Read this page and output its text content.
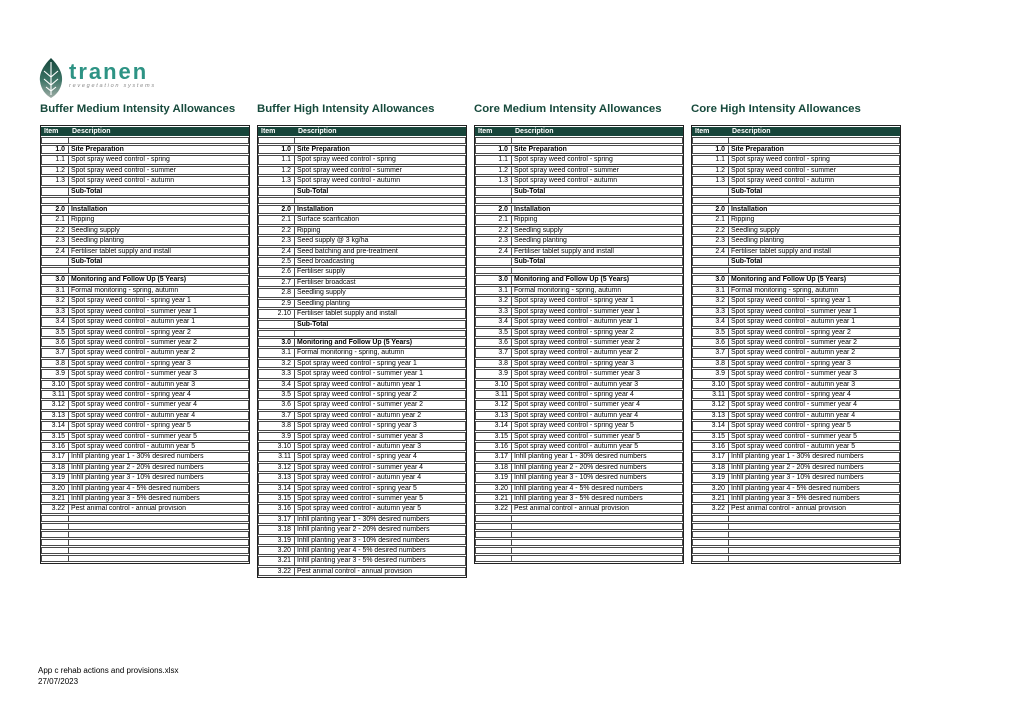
tranen
revegetation systems
Buffer Medium Intensity Allowances
Item	Description

1.0	Site Preparation
1.1	Spot spray weed control - spring
1.2	Spot spray weed control - summer
1.3	Spot spray weed control - autumn
	Sub-Total

2.0	Installation
2.1	Ripping
2.2	Seedling supply
2.3	Seedling planting
2.4	Fertiliser tablet supply and install
	Sub-Total

3.0	Monitoring and Follow Up (5 Years)
3.1	Formal monitoring - spring, autumn
3.2	Spot spray weed control - spring year 1
3.3	Spot spray weed control - summer year 1
3.4	Spot spray weed control - autumn year 1
3.5	Spot spray weed control - spring year 2
3.6	Spot spray weed control - summer year 2
3.7	Spot spray weed control - autumn year 2
3.8	Spot spray weed control - spring year 3
3.9	Spot spray weed control - summer year 3
3.10	Spot spray weed control - autumn year 3
3.11	Spot spray weed control - spring year 4
3.12	Spot spray weed control - summer year 4
3.13	Spot spray weed control - autumn year 4
3.14	Spot spray weed control - spring year 5
3.15	Spot spray weed control - summer year 5
3.16	Spot spray weed control - autumn year 5
3.17	Infill planting year 1 - 30% desired numbers
3.18	Infill planting year 2 - 20% desired numbers
3.19	Infill planting year 3 - 10% desired numbers
3.20	Infill planting year 4 - 5% desired numbers
3.21	Infill planting year 3 - 5% desired numbers
3.22	Pest animal control - annual provision

Buffer High Intensity Allowances
Item	Description

1.0	Site Preparation
1.1	Spot spray weed control - spring
1.2	Spot spray weed control - summer
1.3	Spot spray weed control - autumn
	Sub-Total

2.0	Installation
2.1	Surface scarification
2.2	Ripping
2.3	Seed supply @ 3 kg/ha
2.4	Seed batching and pre-treatment
2.5	Seed broadcasting
2.6	Fertiliser supply
2.7	Fertiliser broadcast
2.8	Seedling supply
2.9	Seedling planting
2.10	Fertiliser tablet supply and install
	Sub-Total

3.0	Monitoring and Follow Up (5 Years)
3.1	Formal monitoring - spring, autumn
3.2	Spot spray weed control - spring year 1
3.3	Spot spray weed control - summer year 1
3.4	Spot spray weed control - autumn year 1
3.5	Spot spray weed control - spring year 2
3.6	Spot spray weed control - summer year 2
3.7	Spot spray weed control - autumn year 2
3.8	Spot spray weed control - spring year 3
3.9	Spot spray weed control - summer year 3
3.10	Spot spray weed control - autumn year 3
3.11	Spot spray weed control - spring year 4
3.12	Spot spray weed control - summer year 4
3.13	Spot spray weed control - autumn year 4
3.14	Spot spray weed control - spring year 5
3.15	Spot spray weed control - summer year 5
3.16	Spot spray weed control - autumn year 5
3.17	Infill planting year 1 - 30% desired numbers
3.18	Infill planting year 2 - 20% desired numbers
3.19	Infill planting year 3 - 10% desired numbers
3.20	Infill planting year 4 - 5% desired numbers
3.21	Infill planting year 3 - 5% desired numbers
3.22	Pest animal control - annual provision
Core Medium Intensity Allowances
Item	Description

1.0	Site Preparation
1.1	Spot spray weed control - spring
1.2	Spot spray weed control - summer
1.3	Spot spray weed control - autumn
	Sub-Total

2.0	Installation
2.1	Ripping
2.2	Seedling supply
2.3	Seedling planting
2.4	Fertiliser tablet supply and install
	Sub-Total

3.0	Monitoring and Follow Up (5 Years)
3.1	Formal monitoring - spring, autumn
3.2	Spot spray weed control - spring year 1
3.3	Spot spray weed control - summer year 1
3.4	Spot spray weed control - autumn year 1
3.5	Spot spray weed control - spring year 2
3.6	Spot spray weed control - summer year 2
3.7	Spot spray weed control - autumn year 2
3.8	Spot spray weed control - spring year 3
3.9	Spot spray weed control - summer year 3
3.10	Spot spray weed control - autumn year 3
3.11	Spot spray weed control - spring year 4
3.12	Spot spray weed control - summer year 4
3.13	Spot spray weed control - autumn year 4
3.14	Spot spray weed control - spring year 5
3.15	Spot spray weed control - summer year 5
3.16	Spot spray weed control - autumn year 5
3.17	Infill planting year 1 - 30% desired numbers
3.18	Infill planting year 2 - 20% desired numbers
3.19	Infill planting year 3 - 10% desired numbers
3.20	Infill planting year 4 - 5% desired numbers
3.21	Infill planting year 3 - 5% desired numbers
3.22	Pest animal control - annual provision

Core High Intensity Allowances
Item	Description

1.0	Site Preparation
1.1	Spot spray weed control - spring
1.2	Spot spray weed control - summer
1.3	Spot spray weed control - autumn
	Sub-Total

2.0	Installation
2.1	Ripping
2.2	Seedling supply
2.3	Seedling planting
2.4	Fertiliser tablet supply and install
	Sub-Total

3.0	Monitoring and Follow Up (5 Years)
3.1	Formal monitoring - spring, autumn
3.2	Spot spray weed control - spring year 1
3.3	Spot spray weed control - summer year 1
3.4	Spot spray weed control - autumn year 1
3.5	Spot spray weed control - spring year 2
3.6	Spot spray weed control - summer year 2
3.7	Spot spray weed control - autumn year 2
3.8	Spot spray weed control - spring year 3
3.9	Spot spray weed control - summer year 3
3.10	Spot spray weed control - autumn year 3
3.11	Spot spray weed control - spring year 4
3.12	Spot spray weed control - summer year 4
3.13	Spot spray weed control - autumn year 4
3.14	Spot spray weed control - spring year 5
3.15	Spot spray weed control - summer year 5
3.16	Spot spray weed control - autumn year 5
3.17	Infill planting year 1 - 30% desired numbers
3.18	Infill planting year 2 - 20% desired numbers
3.19	Infill planting year 3 - 10% desired numbers
3.20	Infill planting year 4 - 5% desired numbers
3.21	Infill planting year 3 - 5% desired numbers
3.22	Pest animal control - annual provision

App c rehab actions and provisions.xlsx
27/07/2023
